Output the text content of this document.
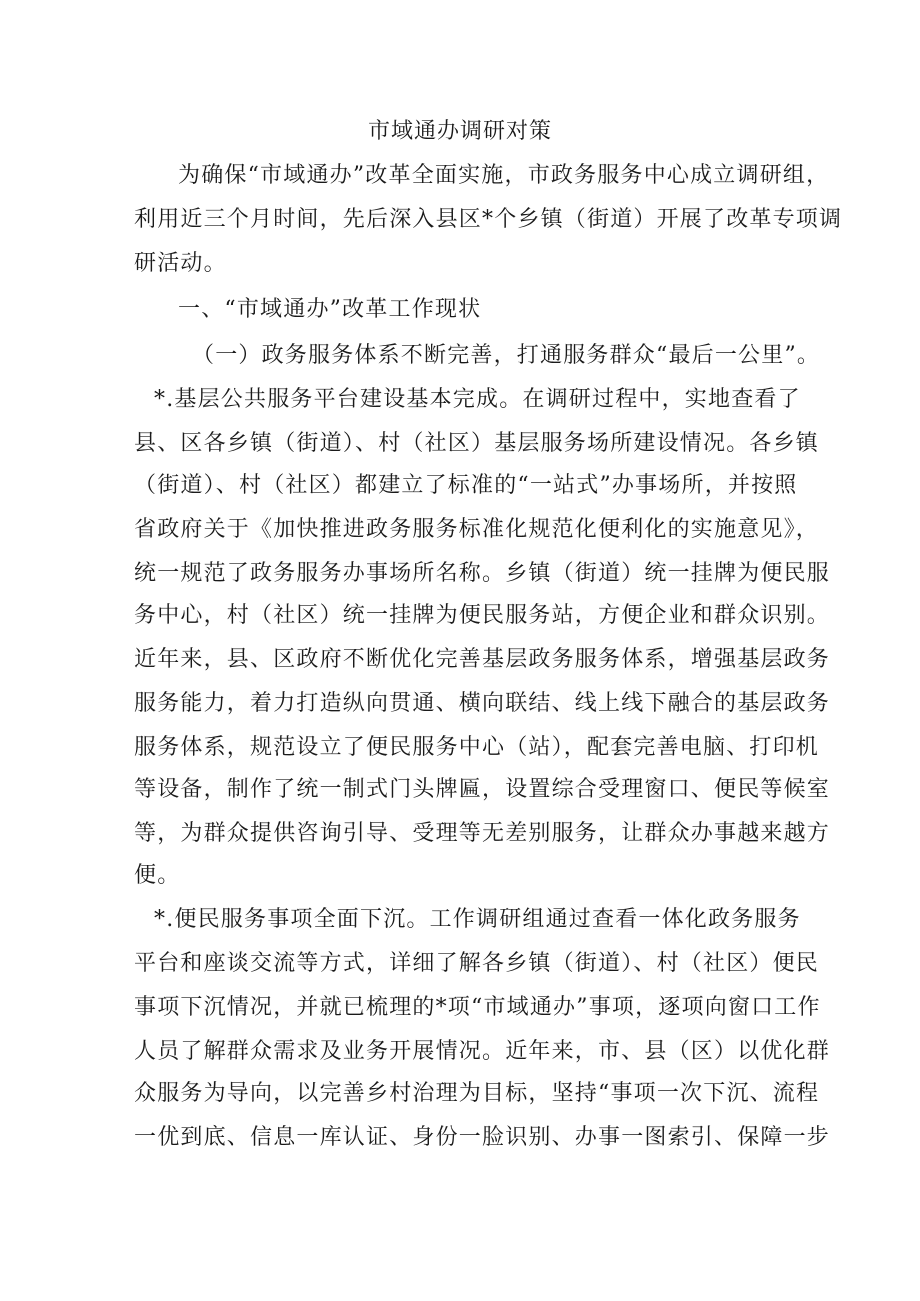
市域通办调研对策
为确保“市域通办”改革全面实施，市政务服务中心成立调研组，
利用近三个月时间，先后深入县区*个乡镇（街道）开展了改革专项调
研活动。
一、“市域通办”改革工作现状
（一）政务服务体系不断完善，打通服务群众“最后一公里”。
*.基层公共服务平台建设基本完成。在调研过程中，实地查看了
县、区各乡镇（街道）、村（社区）基层服务场所建设情况。各乡镇
（街道）、村（社区）都建立了标准的“一站式”办事场所，并按照
省政府关于《加快推进政务服务标准化规范化便利化的实施意见》，
统一规范了政务服务办事场所名称。乡镇（街道）统一挂牌为便民服
务中心，村（社区）统一挂牌为便民服务站，方便企业和群众识别。
近年来，县、区政府不断优化完善基层政务服务体系，增强基层政务
服务能力，着力打造纵向贯通、横向联结、线上线下融合的基层政务
服务体系，规范设立了便民服务中心（站），配套完善电脑、打印机
等设备，制作了统一制式门头牌匾，设置综合受理窗口、便民等候室
等，为群众提供咨询引导、受理等无差别服务，让群众办事越来越方
便。
*.便民服务事项全面下沉。工作调研组通过查看一体化政务服务
平台和座谈交流等方式，详细了解各乡镇（街道）、村（社区）便民
事项下沉情况，并就已梳理的*项“市域通办”事项，逐项向窗口工作
人员了解群众需求及业务开展情况。近年来，市、县（区）以优化群
众服务为导向，以完善乡村治理为目标，坚持“事项一次下沉、流程
一优到底、信息一库认证、身份一脸识别、办事一图索引、保障一步
